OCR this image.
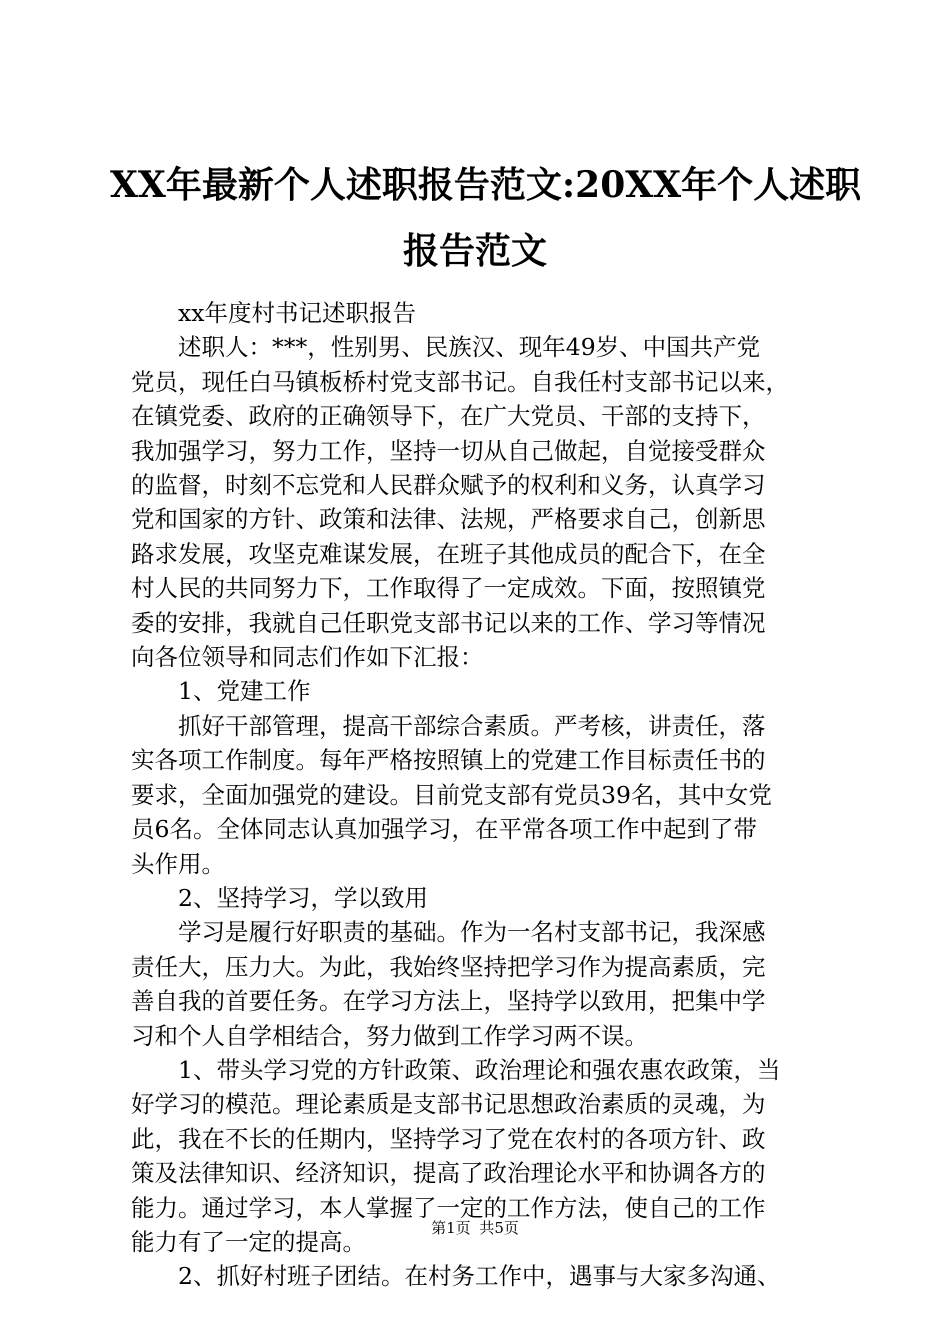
XX年最新个人述职报告范文:20XX年个人述职
报告范文

　　xx年度村书记述职报告

　　述职人：***，性别男、民族汉、现年49岁、中国共产党

党员，现任白马镇板桥村党支部书记。自我任村支部书记以来，

在镇党委、政府的正确领导下，在广大党员、干部的支持下，

我加强学习，努力工作，坚持一切从自己做起，自觉接受群众

的监督，时刻不忘党和人民群众赋予的权利和义务，认真学习

党和国家的方针、政策和法律、法规，严格要求自己，创新思

路求发展，攻坚克难谋发展，在班子其他成员的配合下，在全

村人民的共同努力下，工作取得了一定成效。下面，按照镇党

委的安排，我就自己任职党支部书记以来的工作、学习等情况

向各位领导和同志们作如下汇报：

　　1、党建工作

　　抓好干部管理，提高干部综合素质。严考核，讲责任，落

实各项工作制度。每年严格按照镇上的党建工作目标责任书的

要求，全面加强党的建设。目前党支部有党员39名，其中女党

员6名。全体同志认真加强学习，在平常各项工作中起到了带

头作用。

　　2、坚持学习，学以致用

　　学习是履行好职责的基础。作为一名村支部书记，我深感

责任大，压力大。为此，我始终坚持把学习作为提高素质，完

善自我的首要任务。在学习方法上，坚持学以致用，把集中学

习和个人自学相结合，努力做到工作学习两不误。

　　1、带头学习党的方针政策、政治理论和强农惠农政策，当

好学习的模范。理论素质是支部书记思想政治素质的灵魂，为

此，我在不长的任期内，坚持学习了党在农村的各项方针、政

策及法律知识、经济知识，提高了政治理论水平和协调各方的

能力。通过学习，本人掌握了一定的工作方法，使自己的工作

能力有了一定的提高。

　　2、抓好村班子团结。在村务工作中，遇事与大家多沟通、

第1页 共5页
